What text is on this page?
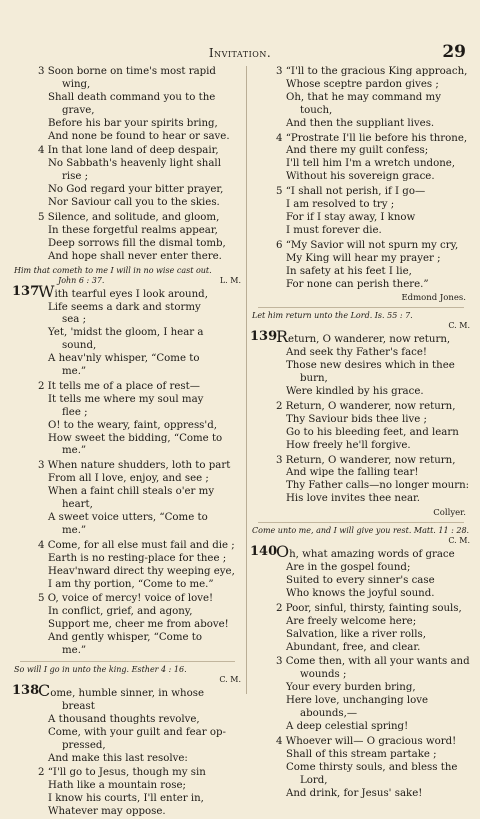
Invitation.	29
3 Soon borne on time's most rapid
wing,
Shall death command you to the
grave,
Before his bar your spirits bring,
And none be found to hear or save.
4 In that lone land of deep despair,
No Sabbath's heavenly light shall
rise ;
No God regard your bitter prayer,
Nor Saviour call you to the skies.
5 Silence, and solitude, and gloom,
In these forgetful realms appear,
Deep sorrows fill the dismal tomb,
And hope shall never enter there.
Him that cometh to me I will in no wise cast out.
John 6 : 37.	L. M.
137
With tearful eyes I look around,
Life seems a dark and stormy
sea ;
Yet, 'midst the gloom, I hear a
sound,
A heav'nly whisper, “Come to
me.”
2 It tells me of a place of rest—
It tells me where my soul may
flee ;
O! to the weary, faint, oppress'd,
How sweet the bidding, “Come to
me.”
3 When nature shudders, loth to part
From all I love, enjoy, and see ;
When a faint chill steals o'er my
heart,
A sweet voice utters, “Come to
me.”
4 Come, for all else must fail and die ;
Earth is no resting-place for thee ;
Heav'nward direct thy weeping eye,
I am thy portion, “Come to me.”
5 O, voice of mercy! voice of love!
In conflict, grief, and agony,
Support me, cheer me from above!
And gently whisper, “Come to
me.”
So will I go in unto the king. Esther 4 : 16.
C. M.
138
Come, humble sinner, in whose
breast
A thousand thoughts revolve,
Come, with your guilt and fear op-
pressed,
And make this last resolve:
2 “I'll go to Jesus, though my sin
Hath like a mountain rose;
I know his courts, I'll enter in,
Whatever may oppose.
3 “I'll to the gracious King approach,
Whose sceptre pardon gives ;
Oh, that he may command my
touch,
And then the suppliant lives.
4 “Prostrate I'll lie before his throne,
And there my guilt confess;
I'll tell him I'm a wretch undone,
Without his sovereign grace.
5 “I shall not perish, if I go—
I am resolved to try ;
For if I stay away, I know
I must forever die.
6 “My Savior will not spurn my cry,
My King will hear my prayer ;
In safety at his feet I lie,
For none can perish there.”
Edmond Jones.
Let him return unto the Lord. Is. 55 : 7.
C. M.
139
Return, O wanderer, now return,
And seek thy Father's face!
Those new desires which in thee
burn,
Were kindled by his grace.
2 Return, O wanderer, now return,
Thy Saviour bids thee live ;
Go to his bleeding feet, and learn
How freely he'll forgive.
3 Return, O wanderer, now return,
And wipe the falling tear!
Thy Father calls—no longer mourn:
His love invites thee near.
Collyer.
Come unto me, and I will give you rest. Matt. 11 : 28.
C. M.
140
Oh, what amazing words of grace
Are in the gospel found;
Suited to every sinner's case
Who knows the joyful sound.
2 Poor, sinful, thirsty, fainting souls,
Are freely welcome here;
Salvation, like a river rolls,
Abundant, free, and clear.
3 Come then, with all your wants and
wounds ;
Your every burden bring,
Here love, unchanging love
abounds,—
A deep celestial spring!
4 Whoever will— O gracious word!
Shall of this stream partake ;
Come thirsty souls, and bless the
Lord,
And drink, for Jesus' sake!
